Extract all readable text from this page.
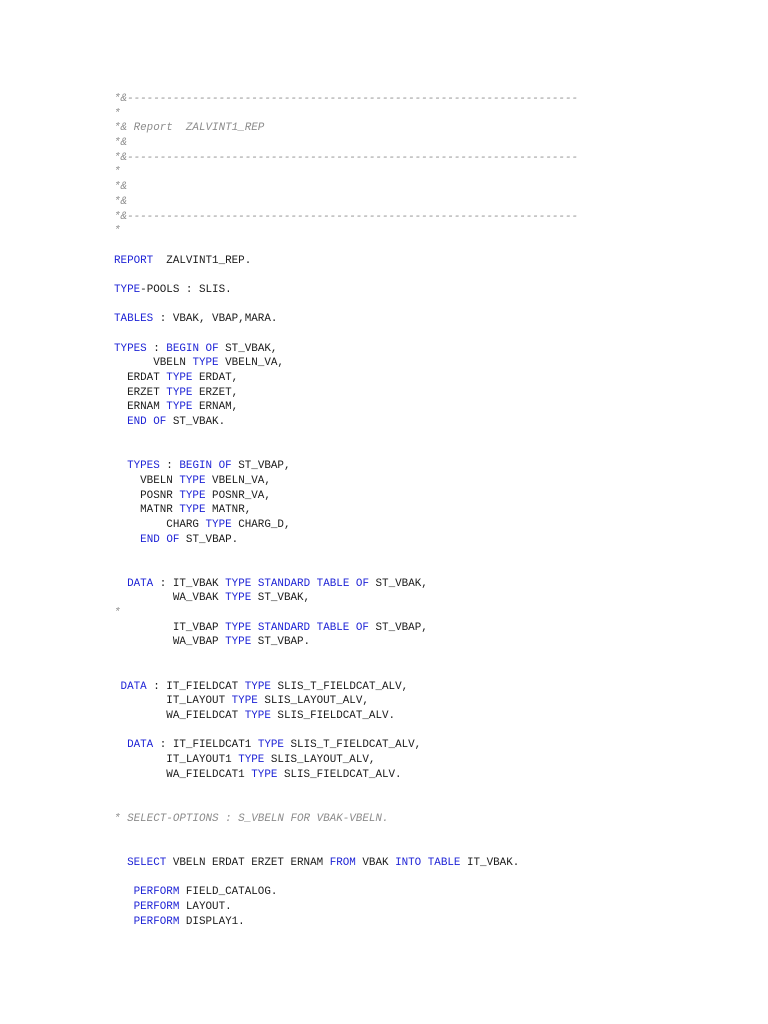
*&---------------------------------------------------------------------
*
*& Report  ZALVINT1_REP
*&
*&---------------------------------------------------------------------
*
*&
*&
*&---------------------------------------------------------------------
*
REPORT  ZALVINT1_REP.
TYPE-POOLS : SLIS.
TABLES : VBAK, VBAP,MARA.
TYPES : BEGIN OF ST_VBAK,
VBELN TYPE VBELN_VA,
ERDAT TYPE ERDAT,
ERZET TYPE ERZET,
ERNAM TYPE ERNAM,
END OF ST_VBAK.
TYPES : BEGIN OF ST_VBAP,
VBELN TYPE VBELN_VA,
POSNR TYPE POSNR_VA,
MATNR TYPE MATNR,
CHARG TYPE CHARG_D,
END OF ST_VBAP.
DATA : IT_VBAK TYPE STANDARD TABLE OF ST_VBAK,
WA_VBAK TYPE ST_VBAK,
*
IT_VBAP TYPE STANDARD TABLE OF ST_VBAP,
WA_VBAP TYPE ST_VBAP.
DATA : IT_FIELDCAT TYPE SLIS_T_FIELDCAT_ALV,
IT_LAYOUT TYPE SLIS_LAYOUT_ALV,
WA_FIELDCAT TYPE SLIS_FIELDCAT_ALV.
DATA : IT_FIELDCAT1 TYPE SLIS_T_FIELDCAT_ALV,
IT_LAYOUT1 TYPE SLIS_LAYOUT_ALV,
WA_FIELDCAT1 TYPE SLIS_FIELDCAT_ALV.
* SELECT-OPTIONS : S_VBELN FOR VBAK-VBELN.
SELECT VBELN ERDAT ERZET ERNAM FROM VBAK INTO TABLE IT_VBAK.
PERFORM FIELD_CATALOG.
PERFORM LAYOUT.
PERFORM DISPLAY1.
